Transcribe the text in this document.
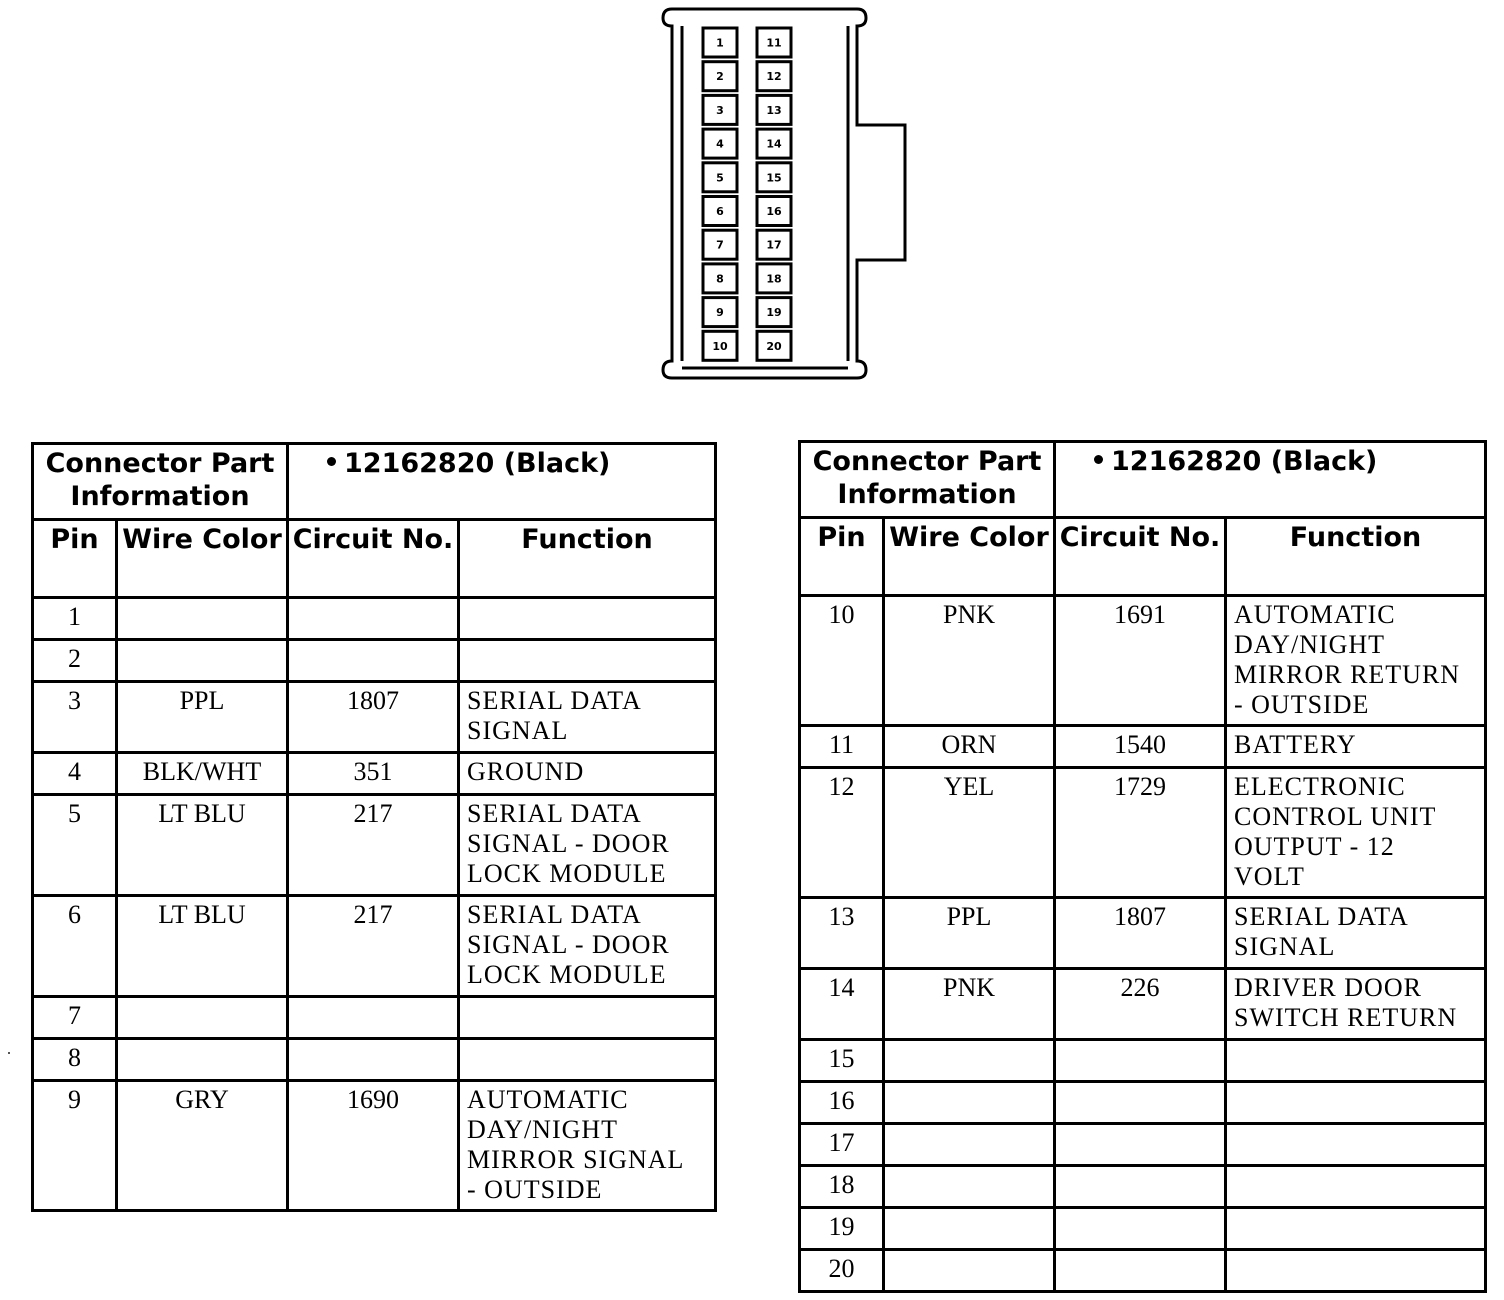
1
2
3
4
5
6
7
8
9
10
11
12
13
14
15
16
17
18
19
20
Connector Part Information		12162820 (Black)	
Pin	Wire Color	Circuit No.	Function
1			
2			
3	PPL	1807	SERIAL DATA
SIGNAL
4	BLK/WHT	351	GROUND
5	LT BLU	217	SERIAL DATA
SIGNAL - DOOR
LOCK MODULE
6	LT BLU	217	SERIAL DATA
SIGNAL - DOOR
LOCK MODULE
7			
8			
9	GRY	1690	AUTOMATIC
DAY/NIGHT
MIRROR SIGNAL
- OUTSIDE
Connector Part Information		12162820 (Black)	
Pin	Wire Color	Circuit No.	Function
10	PNK	1691	AUTOMATIC
DAY/NIGHT
MIRROR RETURN
- OUTSIDE
11	ORN	1540	BATTERY
12	YEL	1729	ELECTRONIC
CONTROL UNIT
OUTPUT - 12
VOLT
13	PPL	1807	SERIAL DATA
SIGNAL
14	PNK	226	DRIVER DOOR
SWITCH RETURN
15			
16			
17			
18			
19			
20			
